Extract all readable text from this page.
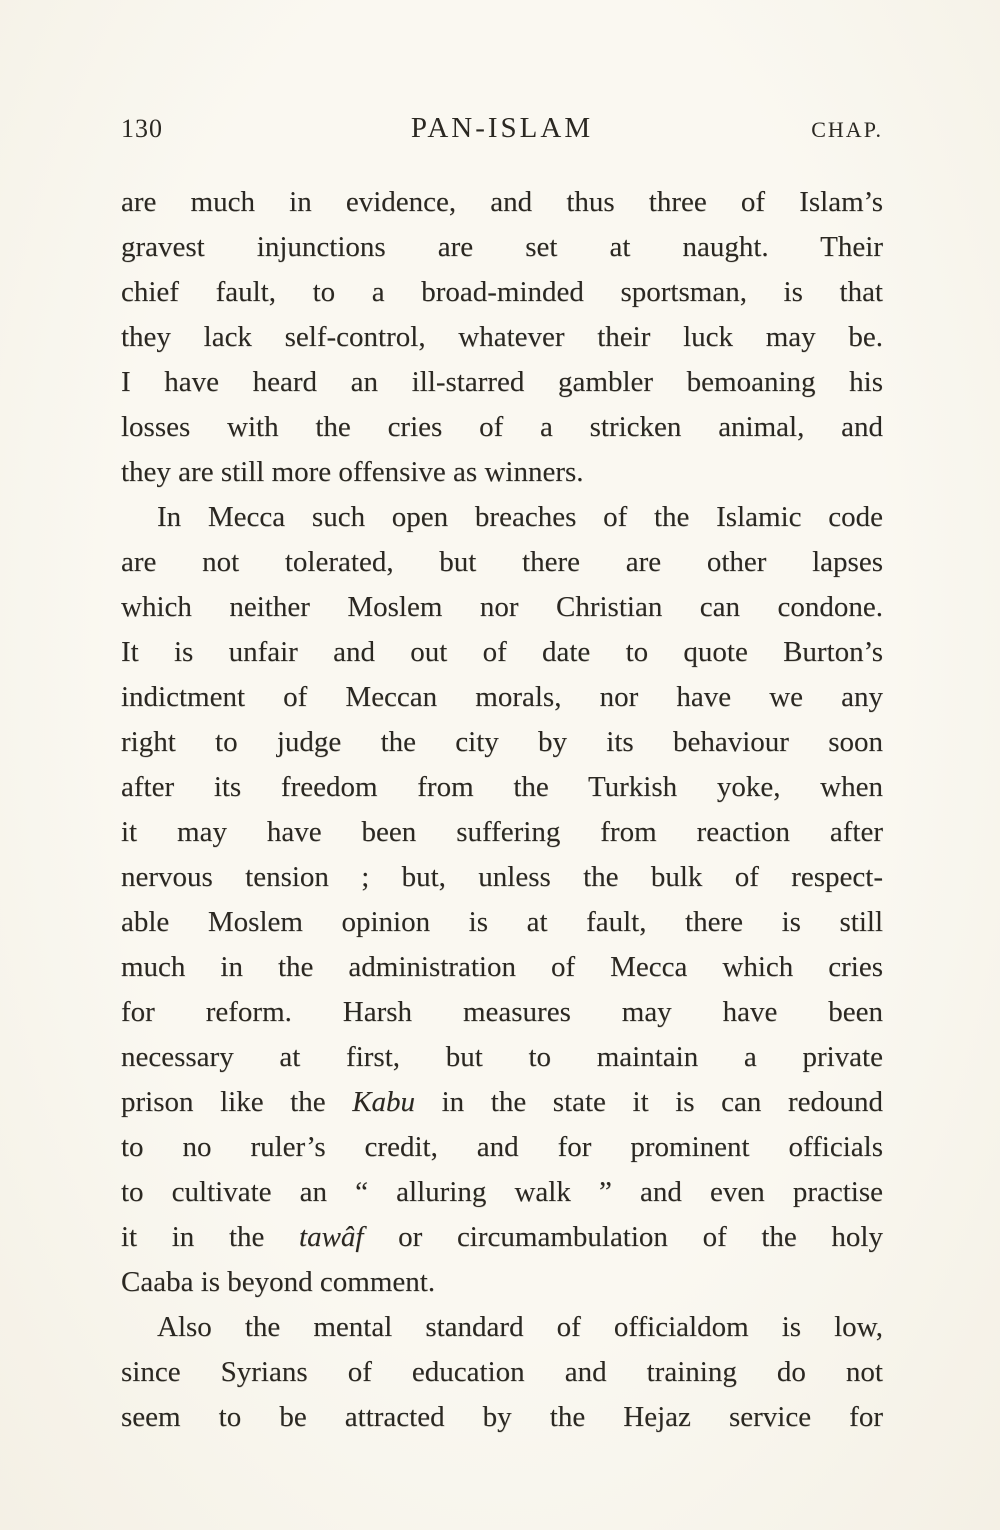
130	PAN-ISLAM	CHAP.
are much in evidence, and thus three of Islam’s
gravest injunctions are set at naught. Their
chief fault, to a broad-minded sportsman, is that
they lack self-control, whatever their luck may be.
I have heard an ill-starred gambler bemoaning his
losses with the cries of a stricken animal, and
they are still more offensive as winners.
In Mecca such open breaches of the Islamic code
are not tolerated, but there are other lapses
which neither Moslem nor Christian can condone.
It is unfair and out of date to quote Burton’s
indictment of Meccan morals, nor have we any
right to judge the city by its behaviour soon
after its freedom from the Turkish yoke, when
it may have been suffering from reaction after
nervous tension ; but, unless the bulk of respect-
able Moslem opinion is at fault, there is still
much in the administration of Mecca which cries
for reform. Harsh measures may have been
necessary at first, but to maintain a private
prison like the Kabu in the state it is can redound
to no ruler’s credit, and for prominent officials
to cultivate an “ alluring walk ” and even practise
it in the tawâf or circumambulation of the holy
Caaba is beyond comment.
Also the mental standard of officialdom is low,
since Syrians of education and training do not
seem to be attracted by the Hejaz service for
